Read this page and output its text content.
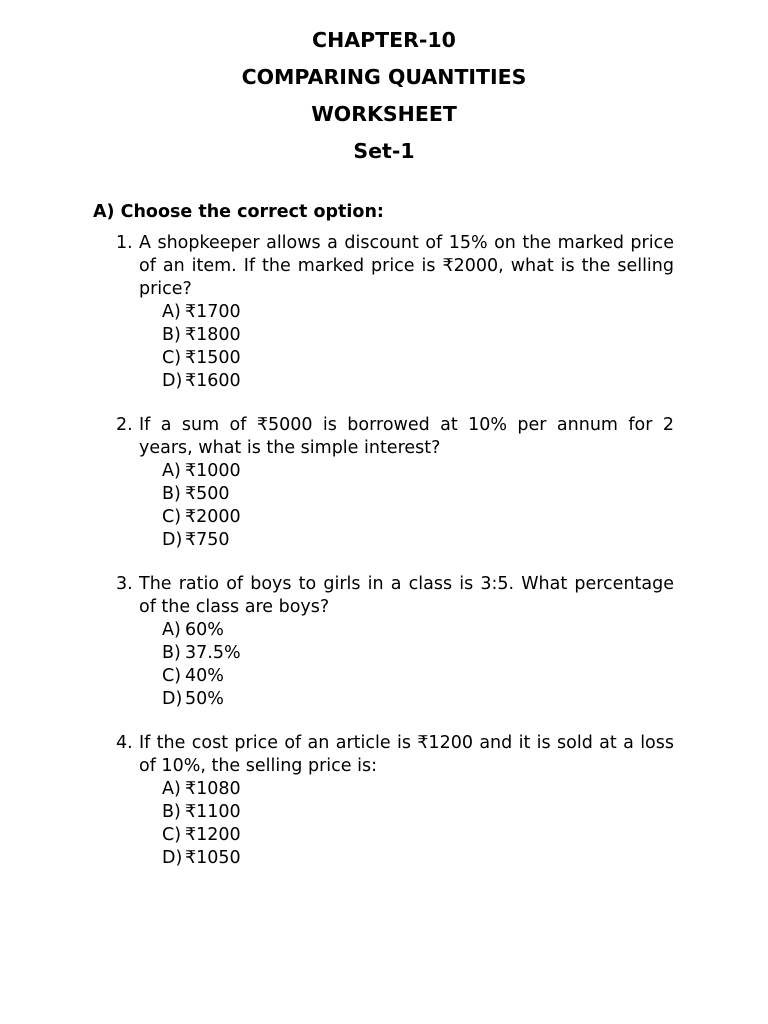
CHAPTER-10
COMPARING QUANTITIES
WORKSHEET
Set-1
A) Choose the correct option:
1. A shopkeeper allows a discount of 15% on the marked price of an item. If the marked price is ₹2000, what is the selling price?
A) ₹1700
B) ₹1800
C) ₹1500
D) ₹1600
2. If a sum of ₹5000 is borrowed at 10% per annum for 2 years, what is the simple interest?
A) ₹1000
B) ₹500
C) ₹2000
D) ₹750
3. The ratio of boys to girls in a class is 3:5. What percentage of the class are boys?
A) 60%
B) 37.5%
C) 40%
D) 50%
4. If the cost price of an article is ₹1200 and it is sold at a loss of 10%, the selling price is:
A) ₹1080
B) ₹1100
C) ₹1200
D) ₹1050
